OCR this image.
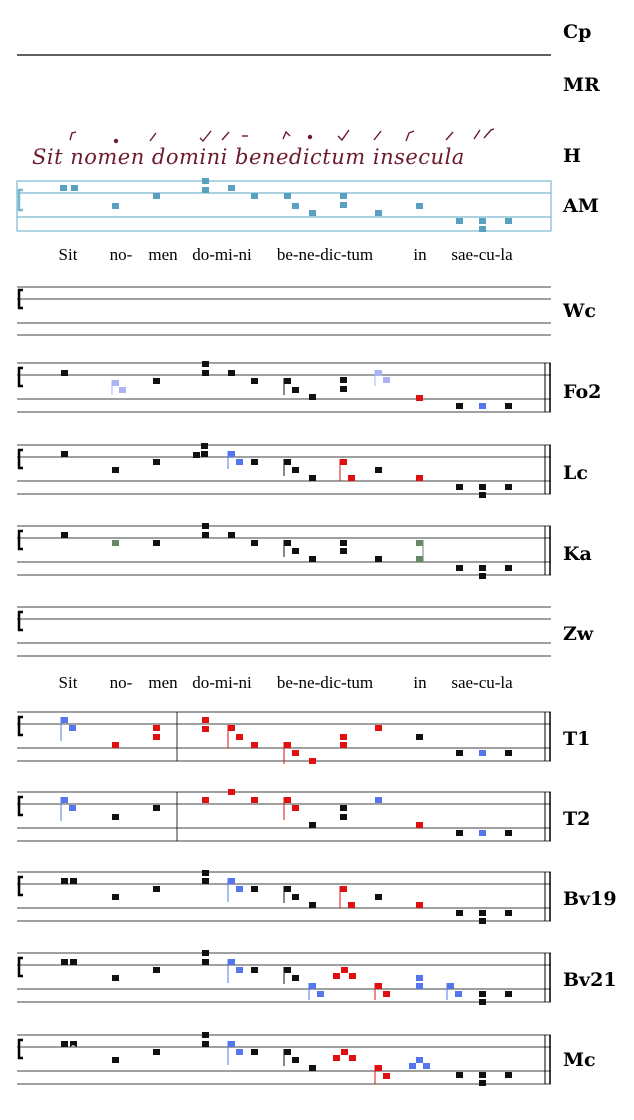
Sit nomen domini benedictum insecula
Sit no- men do-mi-ni be-ne-dic-tum in sae-cu-la
Sit no- men do-mi-ni be-ne-dic-tum in sae-cu-la
Cp
MR
H
AM
Wc
Fo2
Lc
Ka
Zw
T1
T2
Bv19
Bv21
Mc
